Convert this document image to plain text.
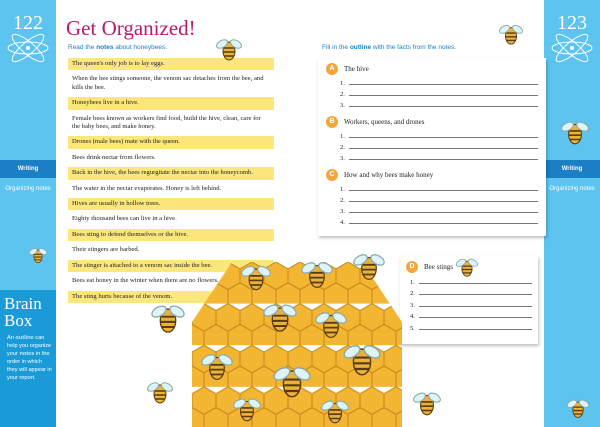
122
Writing
Organizing notes
Brain
Box
An outline can help you organize your notes in the order in which they will appear in your report.
123
Writing
Organizing notes
Get Organized!
Read the notes about honeybees.	Fill in the outline with the facts from the notes.
The queen's only job is to lay eggs.
When the bee stings someone, the venom sac detaches from the bee, and kills the bee.
Honeybees live in a hive.
Female bees known as workers find food, build the hive, clean, care for the baby bees, and make honey.
Drones (male bees) mate with the queen.
Bees drink nectar from flowers.
Back in the hive, the bees regurgitate the nectar into the honeycomb.
The water in the nectar evaporates. Honey is left behind.
Hives are usually in hollow trees.
Eighty thousand bees can live in a hive.
Bees sting to defend themselves or the hive.
Their stingers are barbed.
The stinger is attached to a venom sac inside the bee.
Bees eat honey in the winter when there are no flowers.
The sting hurts because of the venom.
A	The hive
1.
2.
3.
B	Workers, queens, and drones
1.
2.
3.
C	How and why bees make honey
1.
2.
3.
4.
D	Bee stings
1.
2.
3.
4.
5.
